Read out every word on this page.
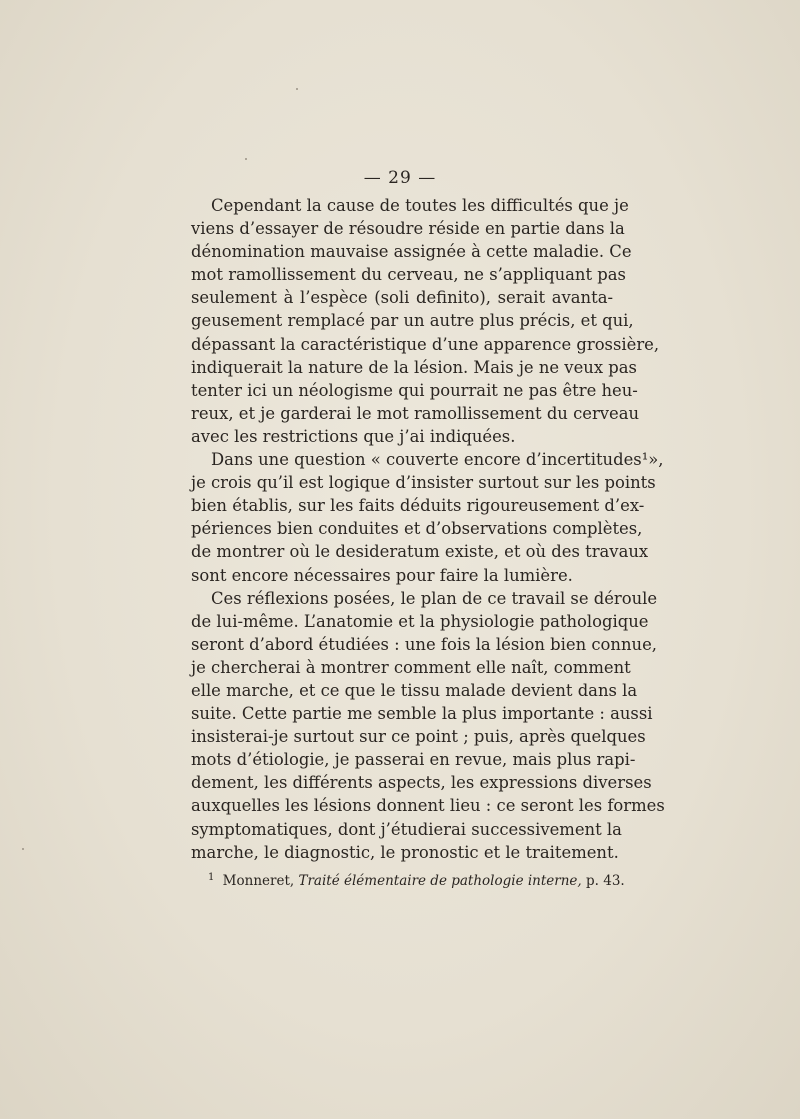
— 29 —
Cependant la cause de toutes les difficultés que je
viens d’essayer de résoudre réside en partie dans la
dénomination mauvaise assignée à cette maladie. Ce
mot ramollissement du cerveau, ne s’appliquant pas
seulement à l’espèce (soli definito), serait avanta-
geusement remplacé par un autre plus précis, et qui,
dépassant la caractéristique d’une apparence grossière,
indiquerait la nature de la lésion. Mais je ne veux pas
tenter ici un néologisme qui pourrait ne pas être heu-
reux, et je garderai le mot ramollissement du cerveau
avec les restrictions que j’ai indiquées.
Dans une question « couverte encore d’incertitudes¹»,
je crois qu’il est logique d’insister surtout sur les points
bien établis, sur les faits déduits rigoureusement d’ex-
périences bien conduites et d’observations complètes,
de montrer où le desideratum existe, et où des travaux
sont encore nécessaires pour faire la lumière.
Ces réflexions posées, le plan de ce travail se déroule
de lui-même. L’anatomie et la physiologie pathologique
seront d’abord étudiées : une fois la lésion bien connue,
je chercherai à montrer comment elle naît, comment
elle marche, et ce que le tissu malade devient dans la
suite. Cette partie me semble la plus importante : aussi
insisterai-je surtout sur ce point ; puis, après quelques
mots d’étiologie, je passerai en revue, mais plus rapi-
dement, les différents aspects, les expressions diverses
auxquelles les lésions donnent lieu : ce seront les formes
symptomatiques, dont j’étudierai successivement la
marche, le diagnostic, le pronostic et le traitement.
$^1$ Monneret, Traité élémentaire de pathologie interne, p. 43.
